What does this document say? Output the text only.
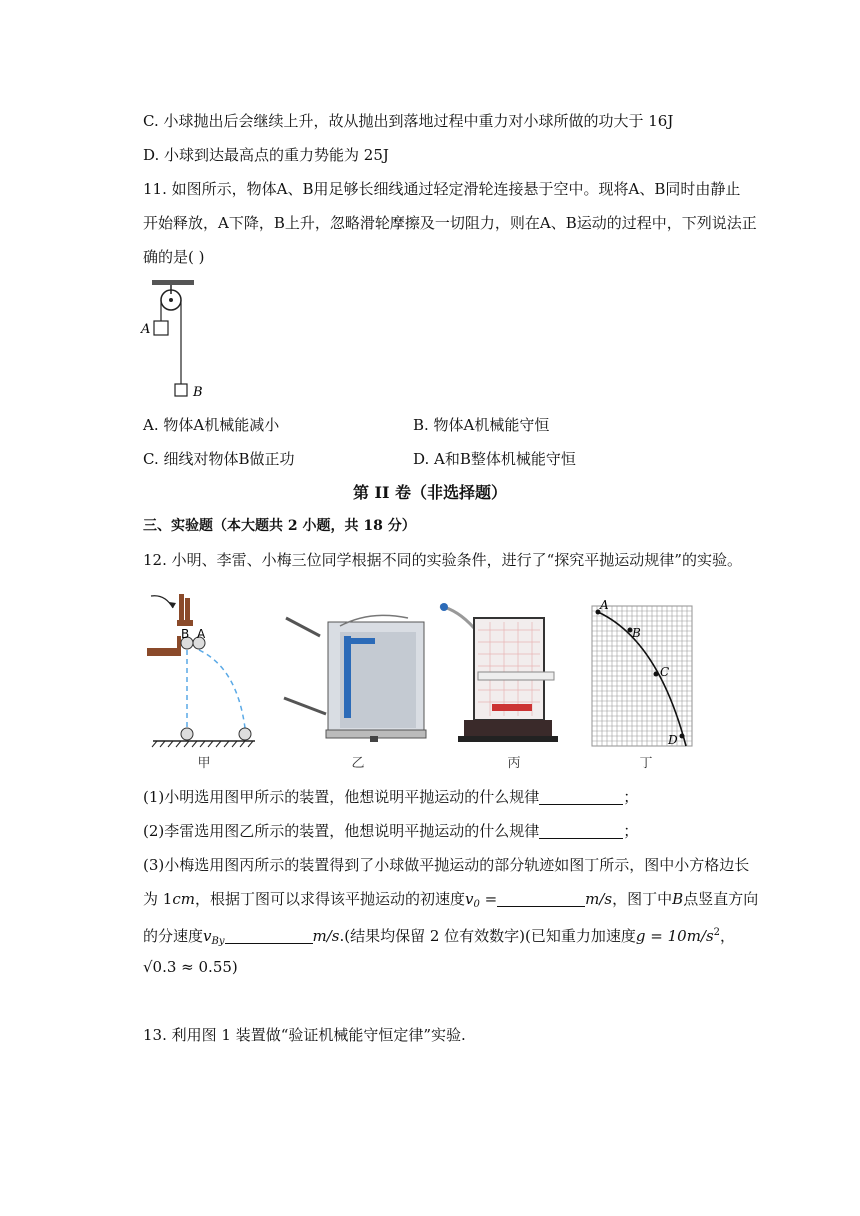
C. 小球抛出后会继续上升，故从抛出到落地过程中重力对小球所做的功大于 16J
D. 小球到达最高点的重力势能为 25J
11. 如图所示，物体A、B用足够长细线通过轻定滑轮连接悬于空中。现将A、B同时由静止
开始释放，A下降，B上升，忽略滑轮摩擦及一切阻力，则在A、B运动的过程中，下列说法正
确的是( )
A
B
A. 物体A机械能减小	B. 物体A机械能守恒
C. 细线对物体B做正功	D. A和B整体机械能守恒
第 II 卷（非选择题）
三、实验题（本大题共 2 小题，共 18 分）
12. 小明、李雷、小梅三位同学根据不同的实验条件，进行了“探究平抛运动规律”的实验。
B A
A
B
C
D
甲	乙	丙	丁
(1)小明选用图甲所示的装置，他想说明平抛运动的什么规律	；
(2)李雷选用图乙所示的装置，他想说明平抛运动的什么规律	；
(3)小梅选用图丙所示的装置得到了小球做平抛运动的部分轨迹如图丁所示，图中小方格边长
为 1cm，根据丁图可以求得该平抛运动的初速度$v_0$ =	m/s，图丁中B点竖直方向
的分速度$v_{By}$	m/s.(结果均保留 2 位有效数字)(已知重力加速度$g = 10m/s^2$，
√0.3 ≈ 0.55)
13. 利用图 1 装置做“验证机械能守恒定律”实验.
